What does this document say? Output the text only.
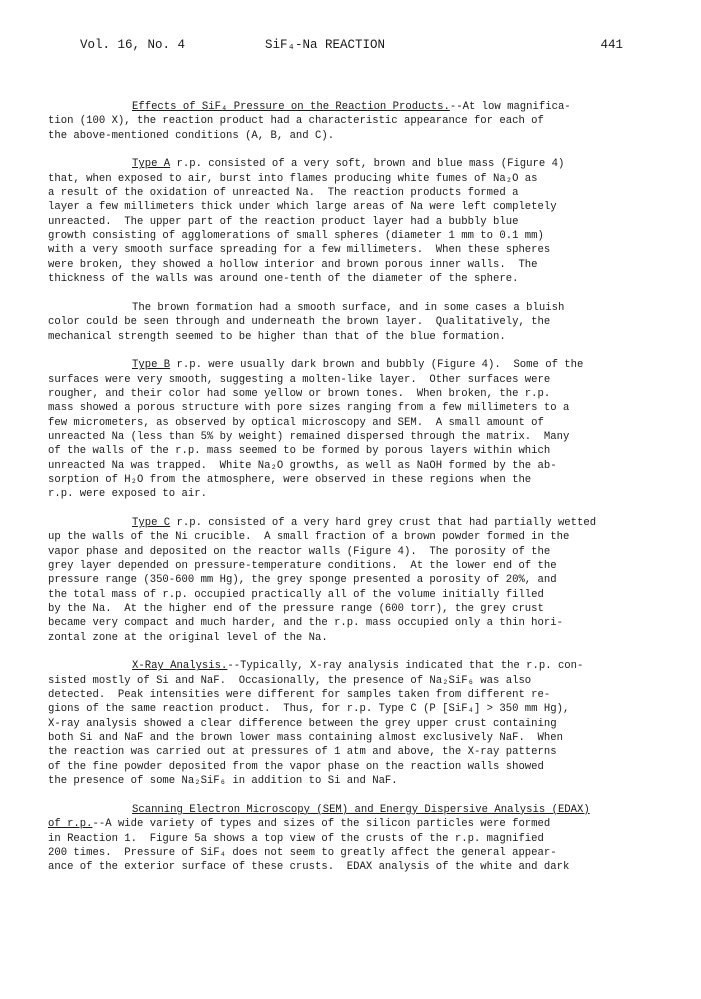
Vol. 16, No. 4	SiF₄-Na REACTION	441
Effects of SiF₄ Pressure on the Reaction Products.--At low magnifica-
tion (100 X), the reaction product had a characteristic appearance for each of
the above-mentioned conditions (A, B, and C).
Type A r.p. consisted of a very soft, brown and blue mass (Figure 4)
that, when exposed to air, burst into flames producing white fumes of Na₂O as
a result of the oxidation of unreacted Na.  The reaction products formed a
layer a few millimeters thick under which large areas of Na were left completely
unreacted.  The upper part of the reaction product layer had a bubbly blue
growth consisting of agglomerations of small spheres (diameter 1 mm to 0.1 mm)
with a very smooth surface spreading for a few millimeters.  When these spheres
were broken, they showed a hollow interior and brown porous inner walls.  The
thickness of the walls was around one-tenth of the diameter of the sphere.
The brown formation had a smooth surface, and in some cases a bluish
color could be seen through and underneath the brown layer.  Qualitatively, the
mechanical strength seemed to be higher than that of the blue formation.
Type B r.p. were usually dark brown and bubbly (Figure 4).  Some of the
surfaces were very smooth, suggesting a molten-like layer.  Other surfaces were
rougher, and their color had some yellow or brown tones.  When broken, the r.p.
mass showed a porous structure with pore sizes ranging from a few millimeters to a
few micrometers, as observed by optical microscopy and SEM.  A small amount of
unreacted Na (less than 5% by weight) remained dispersed through the matrix.  Many
of the walls of the r.p. mass seemed to be formed by porous layers within which
unreacted Na was trapped.  White Na₂O growths, as well as NaOH formed by the ab-
sorption of H₂O from the atmosphere, were observed in these regions when the
r.p. were exposed to air.
Type C r.p. consisted of a very hard grey crust that had partially wetted
up the walls of the Ni crucible.  A small fraction of a brown powder formed in the
vapor phase and deposited on the reactor walls (Figure 4).  The porosity of the
grey layer depended on pressure-temperature conditions.  At the lower end of the
pressure range (350-600 mm Hg), the grey sponge presented a porosity of 20%, and
the total mass of r.p. occupied practically all of the volume initially filled
by the Na.  At the higher end of the pressure range (600 torr), the grey crust
became very compact and much harder, and the r.p. mass occupied only a thin hori-
zontal zone at the original level of the Na.
X-Ray Analysis.--Typically, X-ray analysis indicated that the r.p. con-
sisted mostly of Si and NaF.  Occasionally, the presence of Na₂SiF₆ was also
detected.  Peak intensities were different for samples taken from different re-
gions of the same reaction product.  Thus, for r.p. Type C (P [SiF₄] > 350 mm Hg),
X-ray analysis showed a clear difference between the grey upper crust containing
both Si and NaF and the brown lower mass containing almost exclusively NaF.  When
the reaction was carried out at pressures of 1 atm and above, the X-ray patterns
of the fine powder deposited from the vapor phase on the reaction walls showed
the presence of some Na₂SiF₆ in addition to Si and NaF.
Scanning Electron Microscopy (SEM) and Energy Dispersive Analysis (EDAX)
of r.p.--A wide variety of types and sizes of the silicon particles were formed
in Reaction 1.  Figure 5a shows a top view of the crusts of the r.p. magnified
200 times.  Pressure of SiF₄ does not seem to greatly affect the general appear-
ance of the exterior surface of these crusts.  EDAX analysis of the white and dark
